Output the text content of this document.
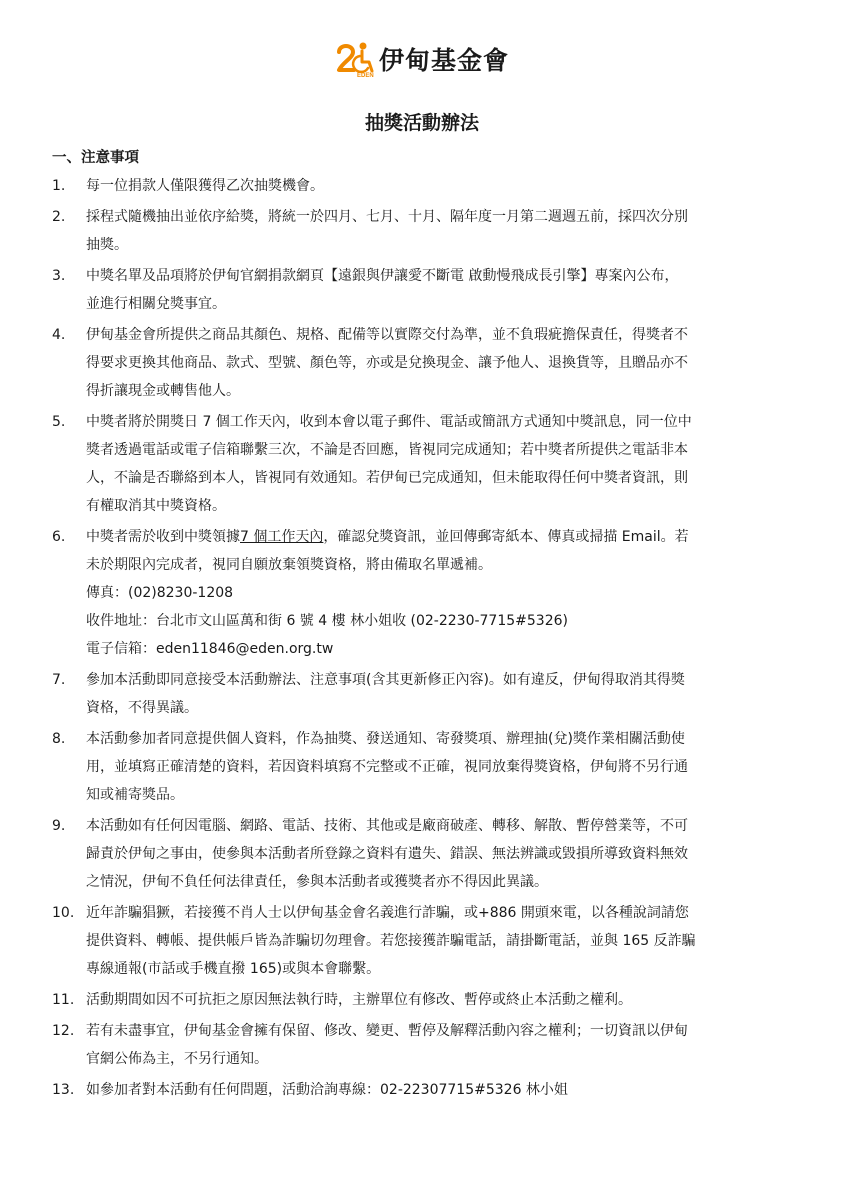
EDEN
伊甸基金會
抽獎活動辦法
一、注意事項
1.	每一位捐款人僅限獲得乙次抽獎機會。
2.	採程式隨機抽出並依序給獎，將統一於四月、七月、十月、隔年度一月第二週週五前，採四次分別
抽獎。
3.	中獎名單及品項將於伊甸官網捐款網頁【遠銀與伊讓愛不斷電 啟動慢飛成長引擎】專案內公布，
並進行相關兌獎事宜。
4.	伊甸基金會所提供之商品其顏色、規格、配備等以實際交付為準，並不負瑕疵擔保責任，得獎者不
得要求更換其他商品、款式、型號、顏色等，亦或是兌換現金、讓予他人、退換貨等，且贈品亦不
得折讓現金或轉售他人。
5.	中獎者將於開獎日 7 個工作天內，收到本會以電子郵件、電話或簡訊方式通知中獎訊息，同一位中
獎者透過電話或電子信箱聯繫三次，不論是否回應，皆視同完成通知；若中獎者所提供之電話非本
人，不論是否聯絡到本人，皆視同有效通知。若伊甸已完成通知，但未能取得任何中獎者資訊，則
有權取消其中獎資格。
6.	中獎者需於收到中獎領據7 個工作天內，確認兌獎資訊，並回傳郵寄紙本、傳真或掃描 Email。若
未於期限內完成者，視同自願放棄領獎資格，將由備取名單遞補。
傳真：(02)8230-1208
收件地址：台北市文山區萬和街 6 號 4 樓 林小姐收 (02-2230-7715#5326)
電子信箱：eden11846@eden.org.tw
7.	參加本活動即同意接受本活動辦法、注意事項(含其更新修正內容)。如有違反，伊甸得取消其得獎
資格，不得異議。
8.	本活動參加者同意提供個人資料，作為抽獎、發送通知、寄發獎項、辦理抽(兌)獎作業相關活動使
用，並填寫正確清楚的資料，若因資料填寫不完整或不正確，視同放棄得獎資格，伊甸將不另行通
知或補寄獎品。
9.	本活動如有任何因電腦、網路、電話、技術、其他或是廠商破產、轉移、解散、暫停營業等，不可
歸責於伊甸之事由，使參與本活動者所登錄之資料有遺失、錯誤、無法辨識或毀損所導致資料無效
之情況，伊甸不負任何法律責任，參與本活動者或獲獎者亦不得因此異議。
10. 近年詐騙猖獗，若接獲不肖人士以伊甸基金會名義進行詐騙，或+886 開頭來電，以各種說詞請您
提供資料、轉帳、提供帳戶皆為詐騙切勿理會。若您接獲詐騙電話，請掛斷電話，並與 165 反詐騙
專線通報(市話或手機直撥 165)或與本會聯繫。
11. 活動期間如因不可抗拒之原因無法執行時，主辦單位有修改、暫停或終止本活動之權利。
12. 若有未盡事宜，伊甸基金會擁有保留、修改、變更、暫停及解釋活動內容之權利；一切資訊以伊甸
官網公佈為主，不另行通知。
13. 如參加者對本活動有任何問題，活動洽詢專線：02-22307715#5326 林小姐
